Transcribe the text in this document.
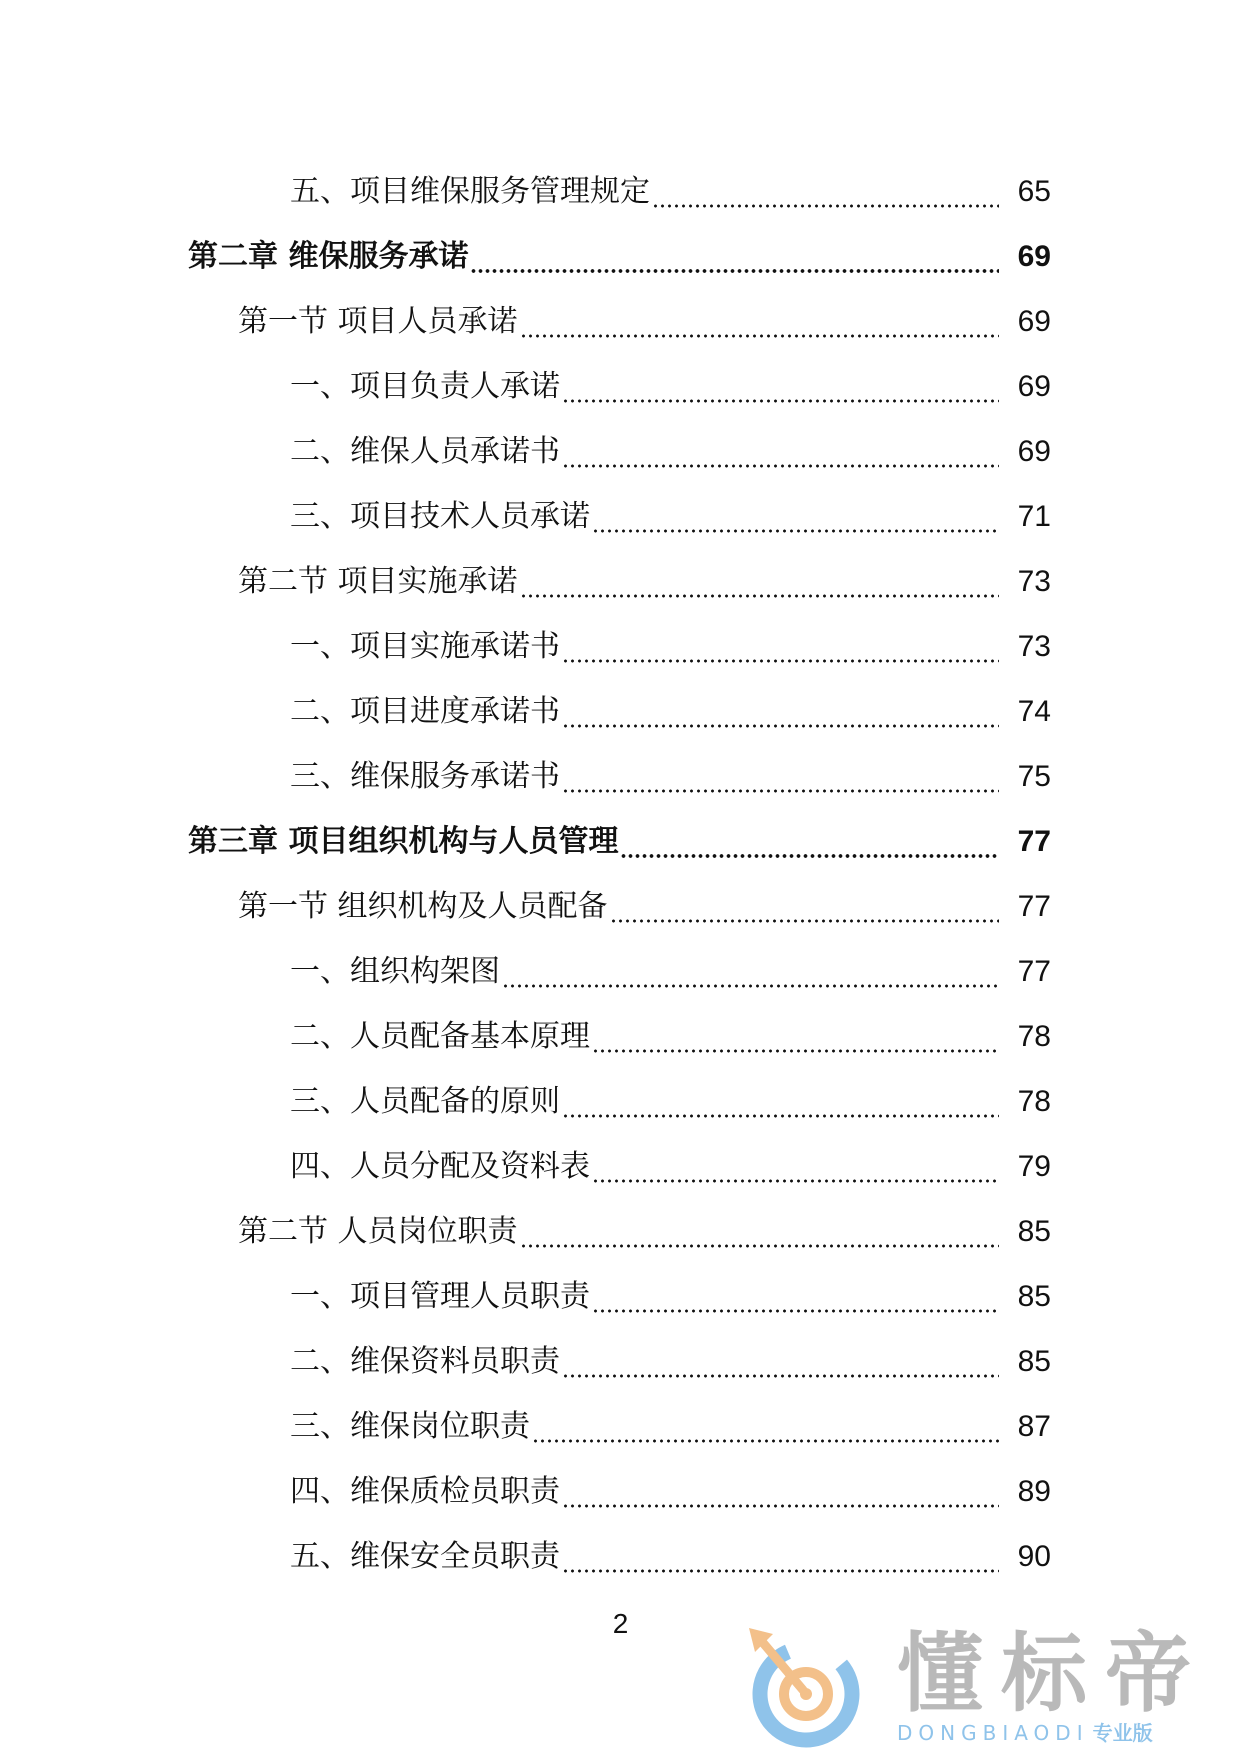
五、项目维保服务管理规定	65
第二章 维保服务承诺	69
第一节 项目人员承诺	69
一、项目负责人承诺	69
二、维保人员承诺书	69
三、项目技术人员承诺	71
第二节 项目实施承诺	73
一、项目实施承诺书	73
二、项目进度承诺书	74
三、维保服务承诺书	75
第三章 项目组织机构与人员管理	77
第一节 组织机构及人员配备	77
一、组织构架图	77
二、人员配备基本原理	78
三、人员配备的原则	78
四、人员分配及资料表	79
第二节 人员岗位职责	85
一、项目管理人员职责	85
二、维保资料员职责	85
三、维保岗位职责	87
四、维保质检员职责	89
五、维保安全员职责	90
2
懂标帝
DONGBIAODI 专业版
